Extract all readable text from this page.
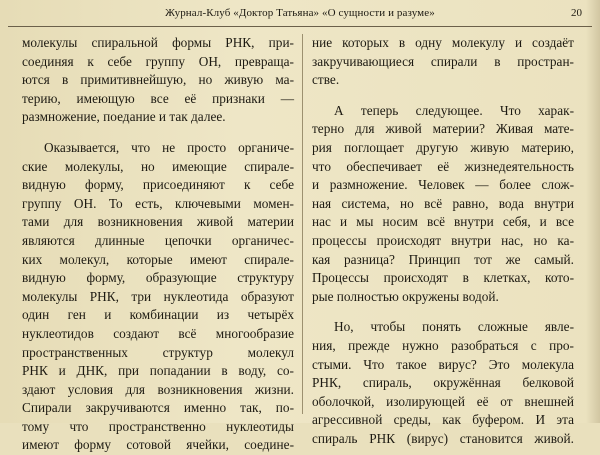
Журнал-Клуб «Доктор Татьяна» «О сущности и разуме»	20
молекулы спиральной формы РНК, при-
соединяя к себе группу ОН, превраща-
ются в примитивнейшую, но живую ма-
терию, имеющую все её признаки —
размножение, поедание и так далее.
Оказывается, что не просто органиче-
ские молекулы, но имеющие спирале-
видную форму, присоединяют к себе
группу ОН. То есть, ключевыми момен-
тами для возникновения живой материи
являются длинные цепочки органичес-
ких молекул, которые имеют спирале-
видную форму, образующие структуру
молекулы РНК, три нуклеотида образуют
один ген и комбинации из четырёх
нуклеотидов создают всё многообразие
пространственных структур молекул
РНК и ДНК, при попадании в воду, со-
здают условия для возникновения жизни.
Спирали закручиваются именно так, по-
тому что пространственно нуклеотиды
имеют форму сотовой ячейки, соедине-
ние которых в одну молекулу и создаёт
закручивающиеся спирали в простран-
стве.
А теперь следующее. Что харак-
терно для живой материи? Живая мате-
рия поглощает другую живую материю,
что обеспечивает её жизнедеятельность
и размножение. Человек — более слож-
ная система, но всё равно, вода внутри
нас и мы носим всё внутри себя, и все
процессы происходят внутри нас, но ка-
кая разница? Принцип тот же самый.
Процессы происходят в клетках, кото-
рые полностью окружены водой.
Но, чтобы понять сложные явле-
ния, прежде нужно разобраться с про-
стыми. Что такое вирус? Это молекула
РНК, спираль, окружённая белковой
оболочкой, изолирующей её от внешней
агрессивной среды, как буфером. И эта
спираль РНК (вирус) становится живой.
